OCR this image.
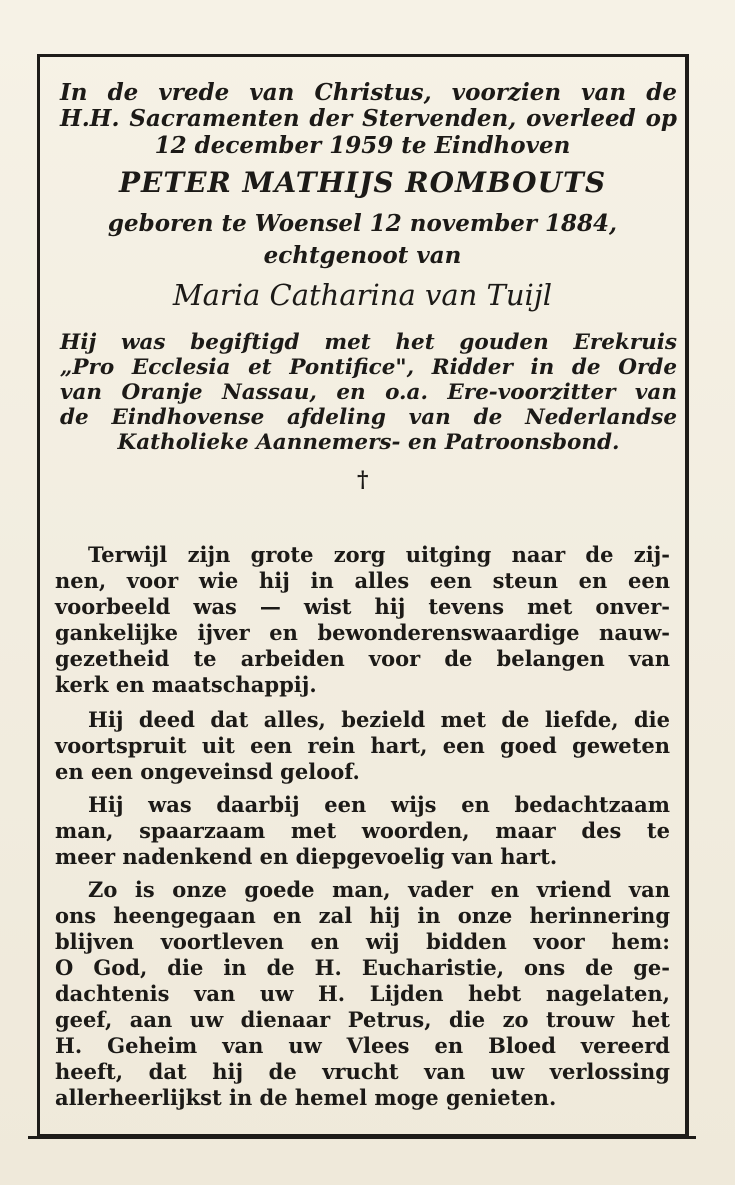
In de vrede van Christus, voorzien van de

H.H. Sacramenten der Stervenden, overleed op

12 december 1959 te Eindhoven

PETER MATHIJS ROMBOUTS

geboren te Woensel 12 november 1884,

echtgenoot van

Maria Catharina van Tuijl

Hij was begiftigd met het gouden Erekruis

„Pro Ecclesia et Pontifice", Ridder in de Orde

van Oranje Nassau, en o.a. Ere-voorzitter van

de Eindhovense afdeling van de Nederlandse

Katholieke Aannemers- en Patroonsbond.

†

Terwijl zijn grote zorg uitging naar de zij-

nen, voor wie hij in alles een steun en een

voorbeeld was — wist hij tevens met onver-

gankelijke ijver en bewonderenswaardige nauw-

gezetheid te arbeiden voor de belangen van

kerk en maatschappij.

Hij deed dat alles, bezield met de liefde, die

voortspruit uit een rein hart, een goed geweten

en een ongeveinsd geloof.

Hij was daarbij een wijs en bedachtzaam

man, spaarzaam met woorden, maar des te

meer nadenkend en diepgevoelig van hart.

Zo is onze goede man, vader en vriend van

ons heengegaan en zal hij in onze herinnering

blijven voortleven en wij bidden voor hem:

O God, die in de H. Eucharistie, ons de ge-

dachtenis van uw H. Lijden hebt nagelaten,

geef, aan uw dienaar Petrus, die zo trouw het

H. Geheim van uw Vlees en Bloed vereerd

heeft, dat hij de vrucht van uw verlossing

allerheerlijkst in de hemel moge genieten.
